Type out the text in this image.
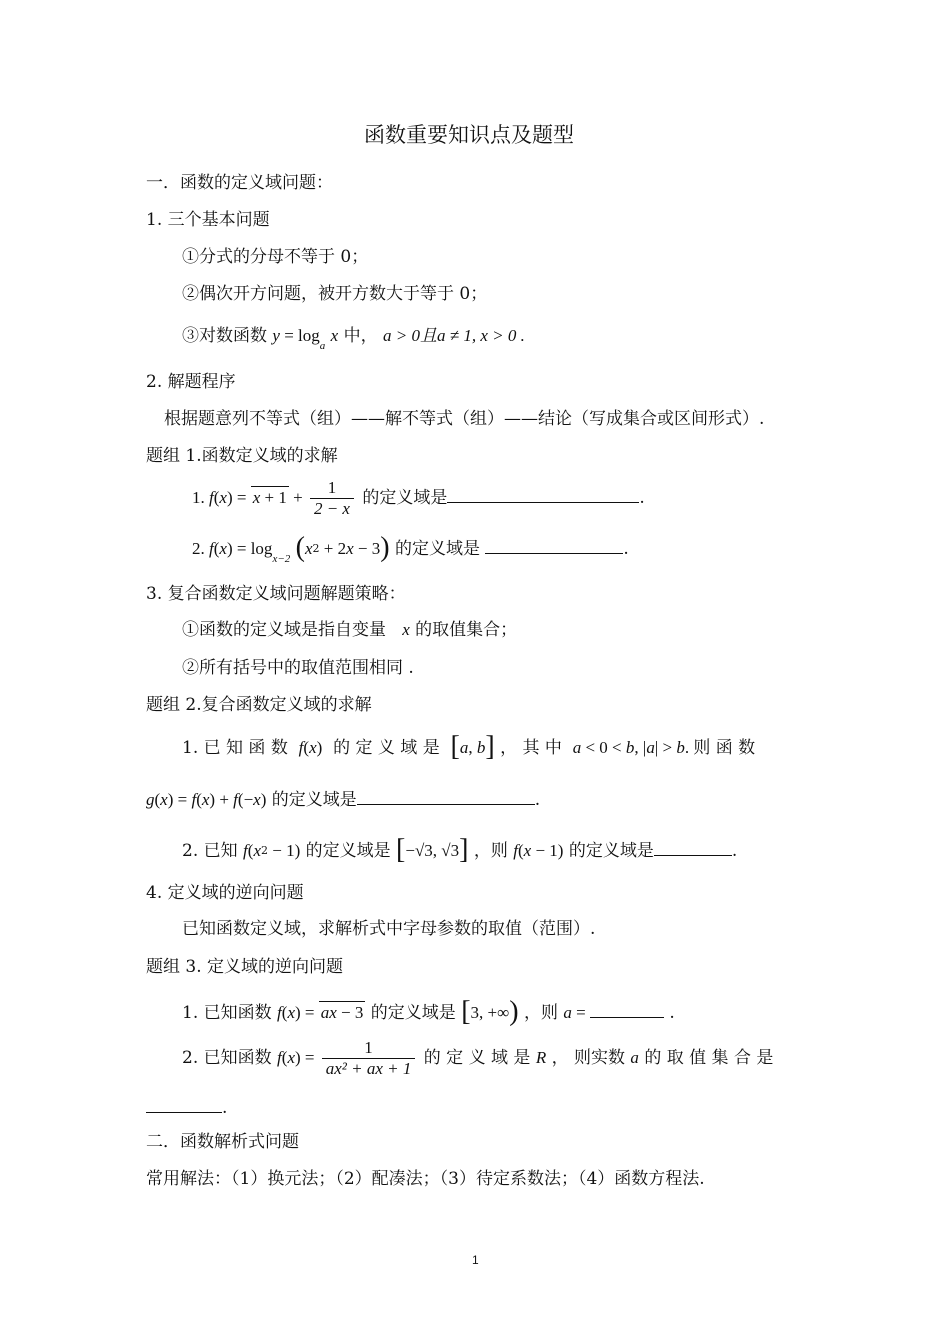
函数重要知识点及题型
一．函数的定义域问题：
1. 三个基本问题
①分式的分母不等于 0；
②偶次开方问题，被开方数大于等于 0；
③对数函数 $y = \log_a x$ 中， a > 0且a ≠ 1, x > 0 .
2. 解题程序
根据题意列不等式（组）——解不等式（组）——结论（写成集合或区间形式）.
题组 1.函数定义域的求解
1. $f(x) = x + 1 + \frac{1}{2 - x}$ 的定义域是	.
2. $f(x) = \log_{x-2} (x2 + 2x - 3)$ 的定义域是	.
3. 复合函数定义域问题解题策略：
①函数的定义域是指自变量 x 的取值集合；
②所有括号中的取值范围相同 .
题组 2.复合函数定义域的求解
1. 已 知 函 数 f(x) 的 定 义 域 是 [a, b] ， 其 中 a < 0 < b, |a| > b. 则 函 数
g(x) = f(x) + f(−x) 的定义域是	.
2. 已知 f(x2 − 1) 的定义域是 [−√3, √3] ，则 f(x − 1) 的定义域是	.
4. 定义域的逆向问题
已知函数定义域，求解析式中字母参数的取值（范围）.
题组 3. 定义域的逆向问题
1. 已知函数 f(x) = ax − 3 的定义域是 [3, +∞) ，则 a =	.
2. 已知函数 $f(x) = \frac{1}{\text{ax² + ax + 1}}$ 的 定 义 域 是 R ， 则实数 a 的 取 值 集 合 是
.
二．函数解析式问题
常用解法：（1）换元法；（2）配凑法；（3）待定系数法；（4）函数方程法.
1
